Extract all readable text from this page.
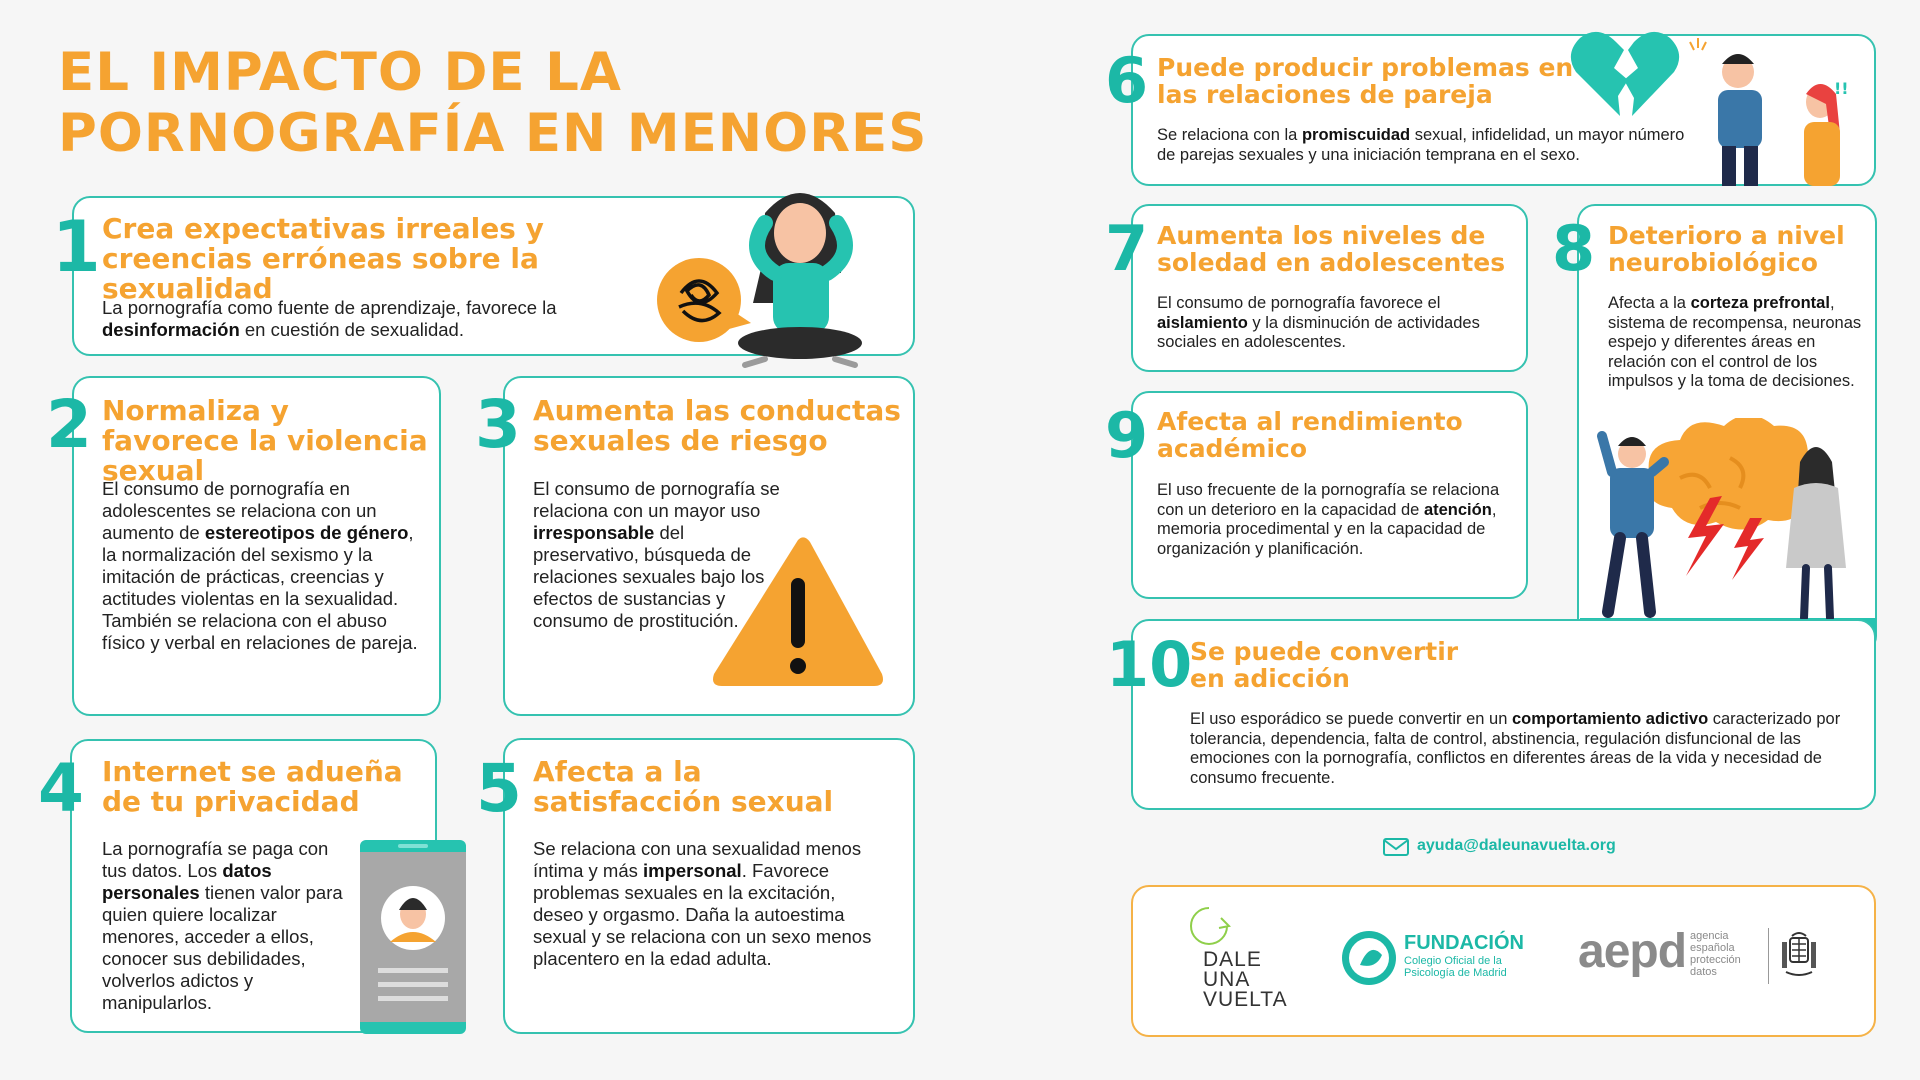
EL IMPACTO DE LA
PORNOGRAFÍA EN MENORES
1 Crea expectativas irreales y creencias erróneas sobre la sexualidad

La pornografía como fuente de aprendizaje, favorece la desinformación en cuestión de sexualidad.

2 Normaliza y favorece la violencia sexual

El consumo de pornografía en adolescentes se relaciona con un aumento de estereotipos de género, la normalización del sexismo y la imitación de prácticas, creencias y actitudes violentas en la sexualidad. También se relaciona con el abuso físico y verbal en relaciones de pareja.

3 Aumenta las conductas sexuales de riesgo

El consumo de pornografía se relaciona con un mayor uso irresponsable del preservativo, búsqueda de relaciones sexuales bajo los efectos de sustancias y consumo de prostitución.

4 Internet se adueña de tu privacidad

La pornografía se paga con tus datos. Los datos personales tienen valor para quien quiere localizar menores, acceder a ellos, conocer sus debilidades, volverlos adictos y manipularlos.

5 Afecta a la satisfacción sexual

Se relaciona con una sexualidad menos íntima y más impersonal. Favorece problemas sexuales en la excitación, deseo y orgasmo. Daña la autoestima sexual y se relaciona con un sexo menos placentero en la edad adulta.

6 Puede producir problemas en las relaciones de pareja

Se relaciona con la promiscuidad sexual, infidelidad, un mayor número de parejas sexuales y una iniciación temprana en el sexo.

!!
7 Aumenta los niveles de soledad en adolescentes

El consumo de pornografía favorece el aislamiento y la disminución de actividades sociales en adolescentes.

9 Afecta al rendimiento académico

El uso frecuente de la pornografía se relaciona con un deterioro en la capacidad de atención, memoria procedimental y en la capacidad de organización y planificación.

8 Deterioro a nivel neurobiológico

Afecta a la corteza prefrontal, sistema de recompensa, neuronas espejo y diferentes áreas en relación con el control de los impulsos y la toma de decisiones.

10
Se puede convertir en adicción

El uso esporádico se puede convertir en un comportamiento adictivo caracterizado por tolerancia, dependencia, falta de control, abstinencia, regulación disfuncional de las emociones con la pornografía, conflictos en diferentes áreas de la vida y necesidad de consumo frecuente.

ayuda@daleunavuelta.org
DALE
UNA
VUELTA
FUNDACIÓN
Colegio Oficial de la
Psicología de Madrid	aepd agencia
española
protección
datos
